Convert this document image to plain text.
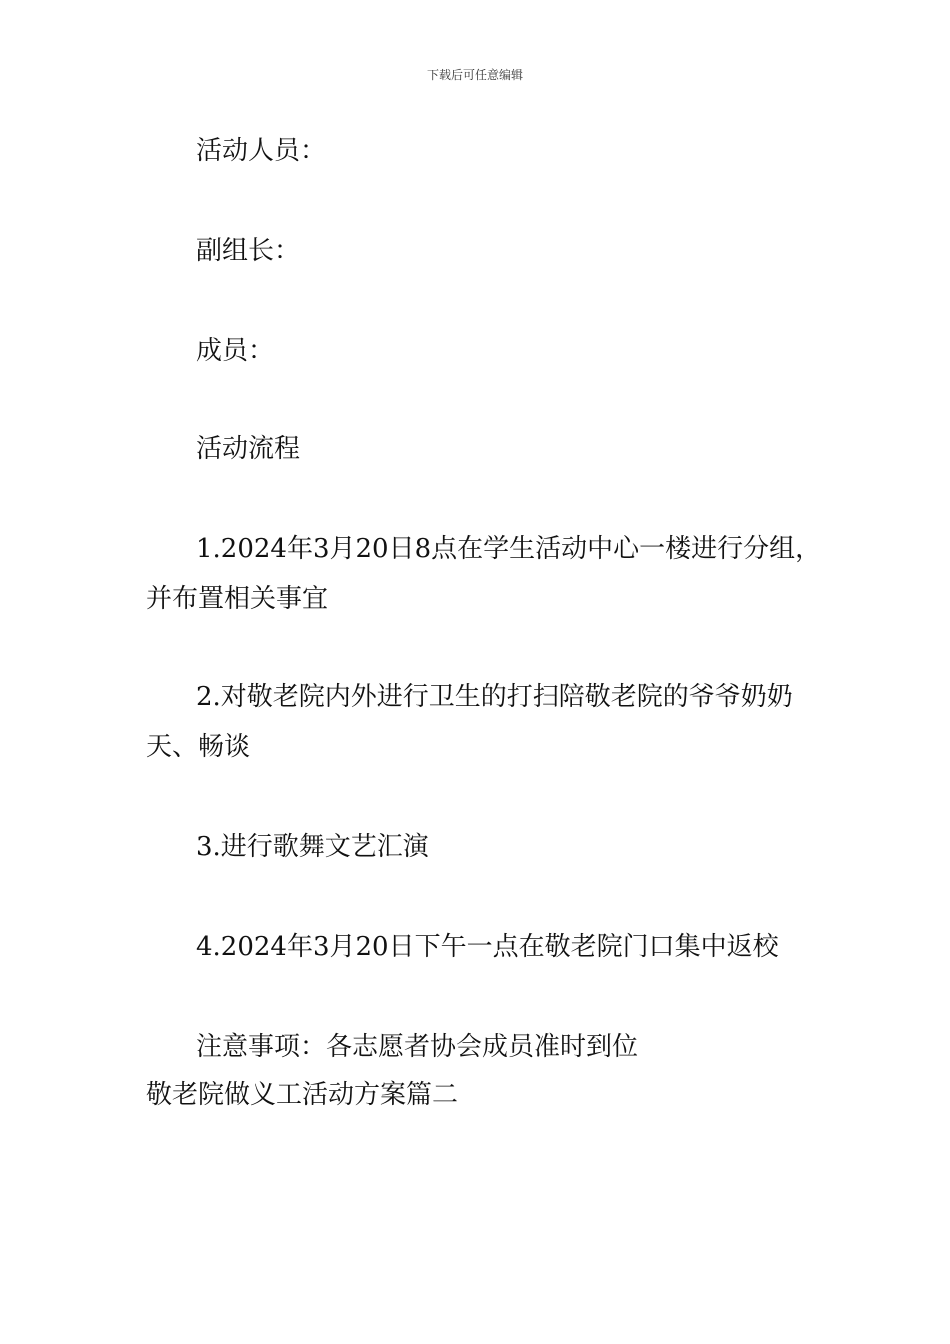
下载后可任意编辑
活动人员：
副组长：
成员：
活动流程
1.2024年3月20日8点在学生活动中心一楼进行分组，
并布置相关事宜
2.对敬老院内外进行卫生的打扫陪敬老院的爷爷奶奶
天、畅谈
3.进行歌舞文艺汇演
4.2024年3月20日下午一点在敬老院门口集中返校
注意事项：各志愿者协会成员准时到位
敬老院做义工活动方案篇二
